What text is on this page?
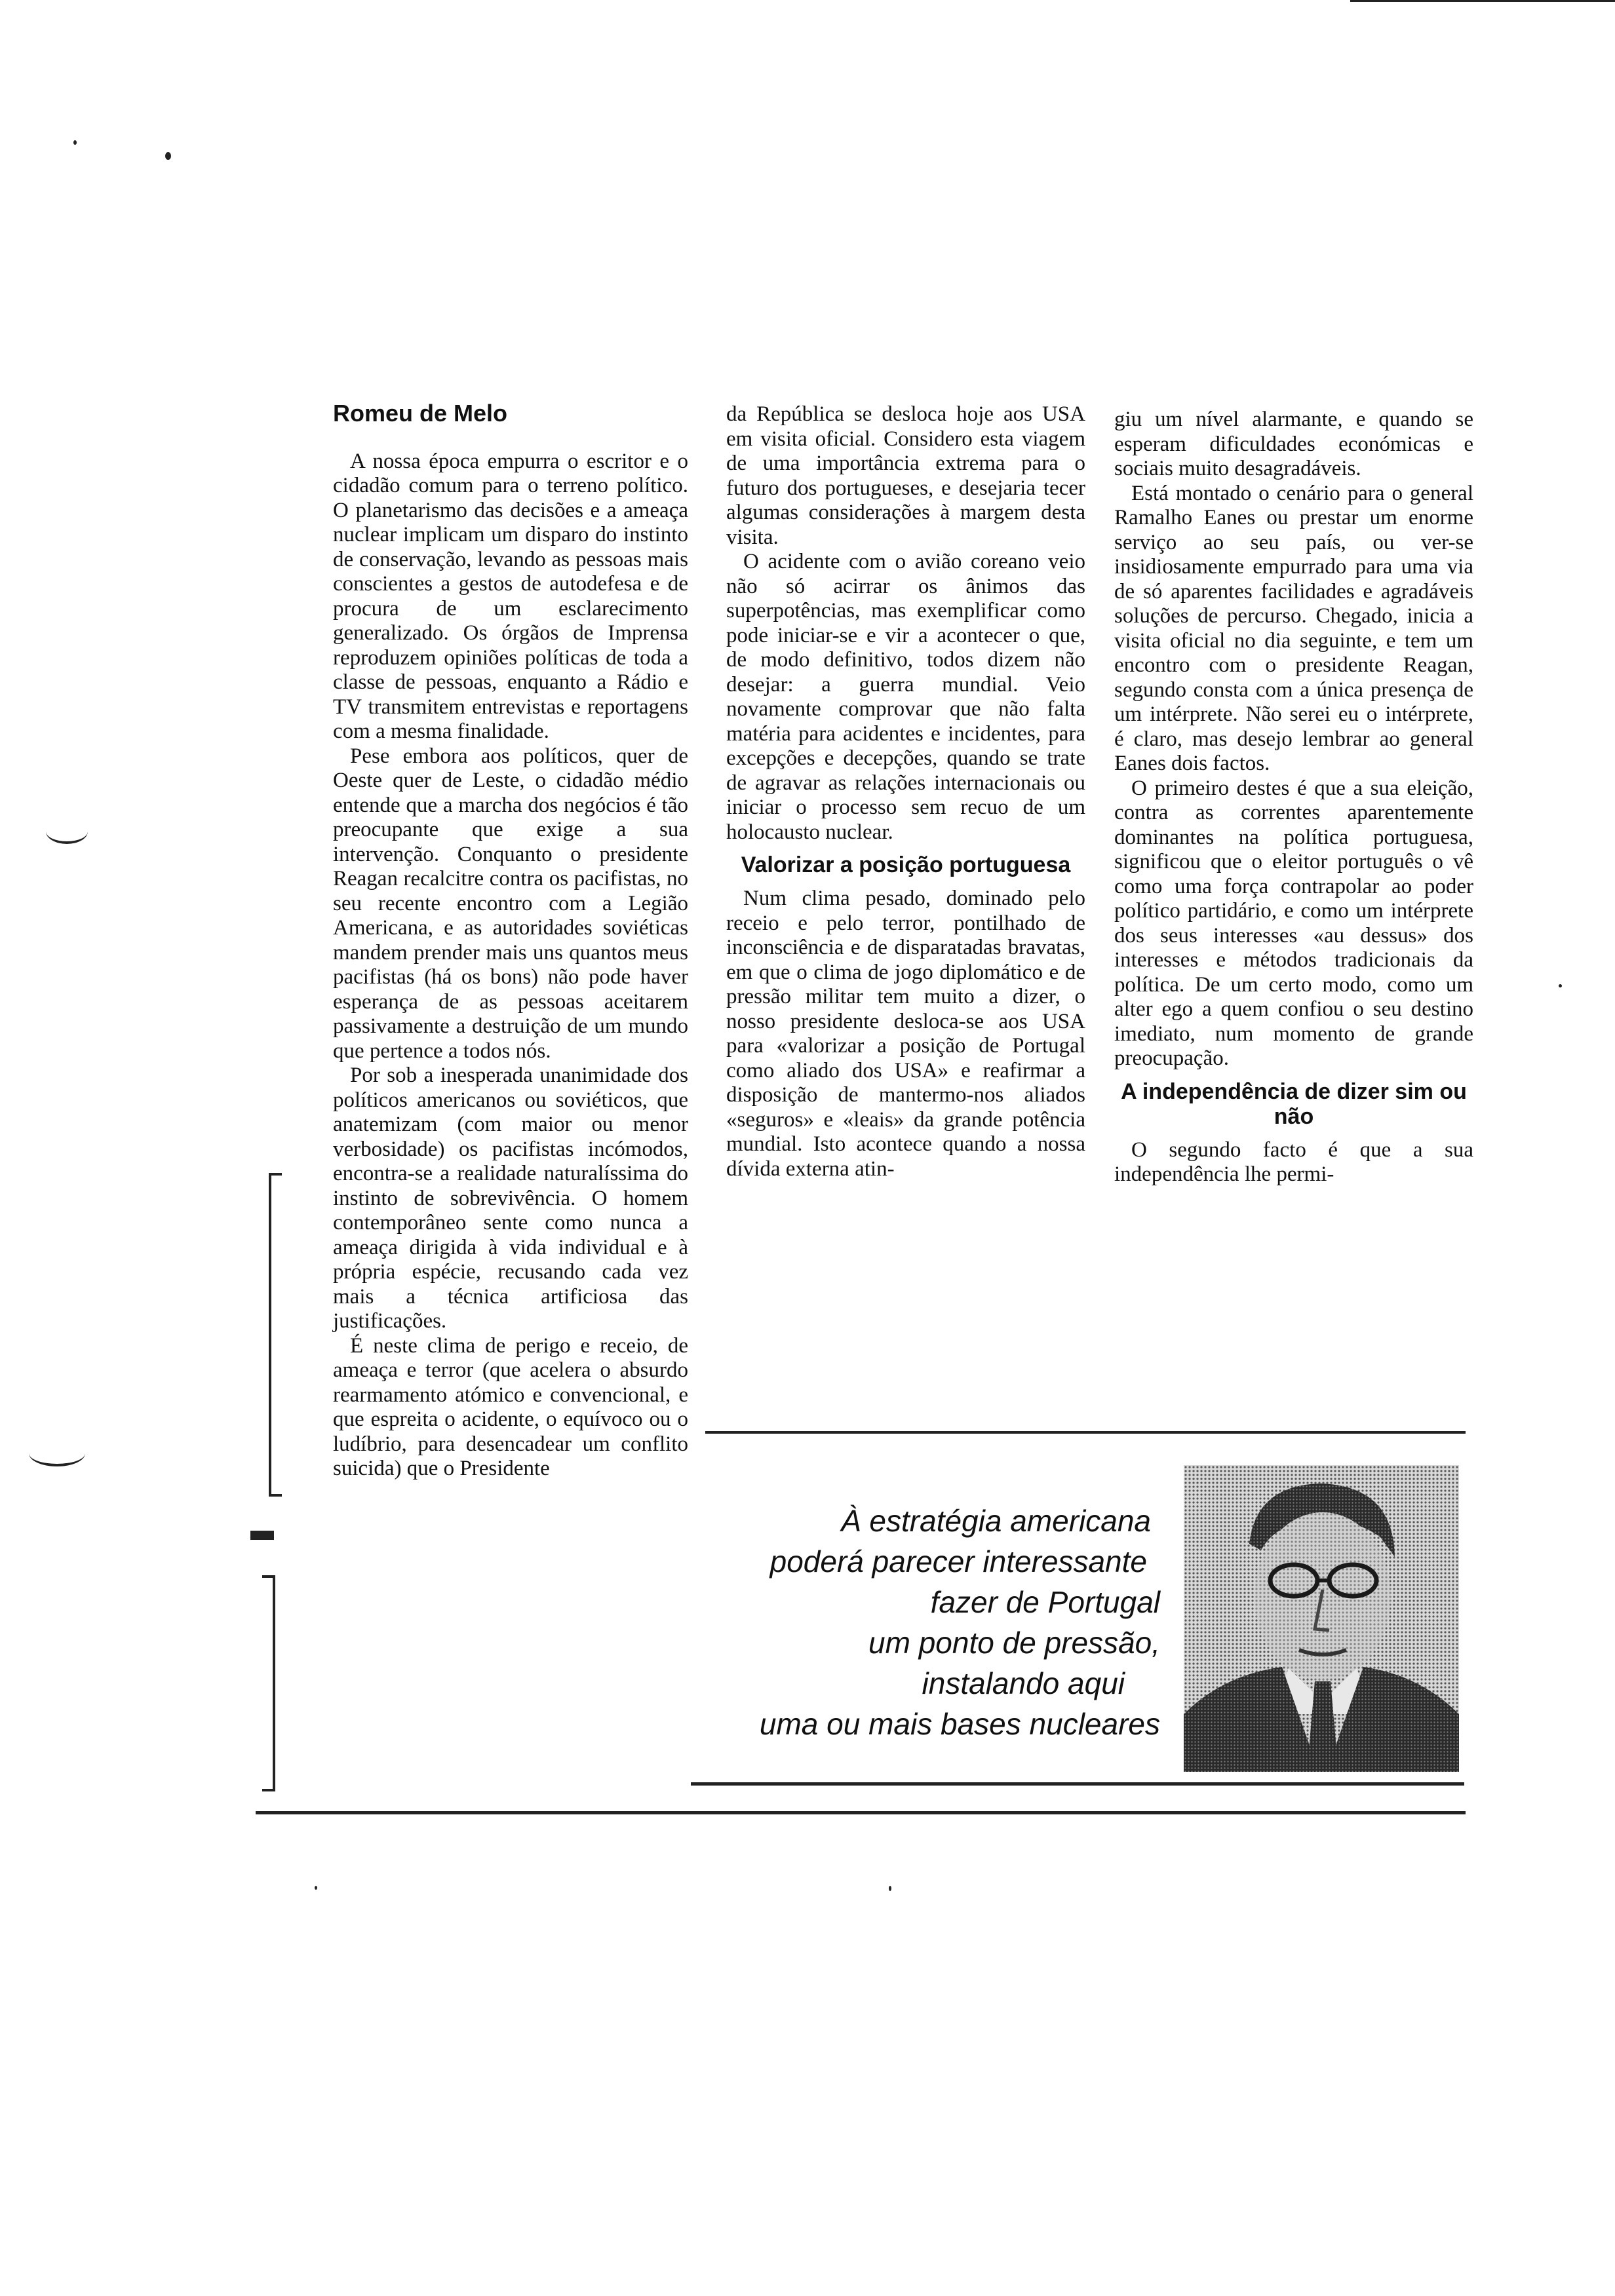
Romeu de Melo

A nossa época empurra o escritor e o cidadão comum para o terreno político. O planetarismo das decisões e a ameaça nuclear implicam um disparo do instinto de conservação, levando as pessoas mais conscientes a gestos de autodefesa e de procura de um esclarecimento generalizado. Os órgãos de Imprensa reproduzem opiniões políticas de toda a classe de pessoas, enquanto a Rádio e TV transmitem entrevistas e reportagens com a mesma finalidade.

Pese embora aos políticos, quer de Oeste quer de Leste, o cidadão médio entende que a marcha dos negócios é tão preocupante que exige a sua intervenção. Conquanto o presidente Reagan recalcitre contra os pacifistas, no seu recente encontro com a Legião Americana, e as autoridades soviéticas mandem prender mais uns quantos meus pacifistas (há os bons) não pode haver esperança de as pessoas aceitarem passivamente a destruição de um mundo que pertence a todos nós.

Por sob a inesperada unanimidade dos políticos americanos ou soviéticos, que anatemizam (com maior ou menor verbosidade) os pacifistas incómodos, encontra-se a realidade naturalíssima do instinto de sobrevivência. O homem contemporâneo sente como nunca a ameaça dirigida à vida individual e à própria espécie, recusando cada vez mais a técnica artificiosa das justificações.

É neste clima de perigo e receio, de ameaça e terror (que acelera o absurdo rearmamento atómico e convencional, e que espreita o acidente, o equívoco ou o ludíbrio, para desencadear um conflito suicida) que o Presidente

da República se desloca hoje aos USA em visita oficial. Considero esta viagem de uma importância extrema para o futuro dos portugueses, e desejaria tecer algumas considerações à margem desta visita.

O acidente com o avião coreano veio não só acirrar os ânimos das superpotências, mas exemplificar como pode iniciar-se e vir a acontecer o que, de modo definitivo, todos dizem não desejar: a guerra mundial. Veio novamente comprovar que não falta matéria para acidentes e incidentes, para excepções e decepções, quando se trate de agravar as relações internacionais ou iniciar o processo sem recuo de um holocausto nuclear.

Valorizar a posição portuguesa

Num clima pesado, dominado pelo receio e pelo terror, pontilhado de inconsciência e de disparatadas bravatas, em que o clima de jogo diplomático e de pressão militar tem muito a dizer, o nosso presidente desloca-se aos USA para «valorizar a posição de Portugal como aliado dos USA» e reafirmar a disposição de mantermo-nos aliados «seguros» e «leais» da grande potência mundial. Isto acontece quando a nossa dívida externa atin-

giu um nível alarmante, e quando se esperam dificuldades económicas e sociais muito desagradáveis.

Está montado o cenário para o general Ramalho Eanes ou prestar um enorme serviço ao seu país, ou ver-se insidiosamente empurrado para uma via de só aparentes facilidades e agradáveis soluções de percurso. Chegado, inicia a visita oficial no dia seguinte, e tem um encontro com o presidente Reagan, segundo consta com a única presença de um intérprete. Não serei eu o intérprete, é claro, mas desejo lembrar ao general Eanes dois factos.

O primeiro destes é que a sua eleição, contra as correntes aparentemente dominantes na política portuguesa, significou que o eleitor português o vê como uma força contrapolar ao poder político partidário, e como um intérprete dos seus interesses «au dessus» dos interesses e métodos tradicionais da política. De um certo modo, como um alter ego a quem confiou o seu destino imediato, num momento de grande preocupação.

A independência de dizer sim ou não

O segundo facto é que a sua independência lhe permi-

À estratégia americana
poderá parecer interessante
fazer de Portugal
um ponto de pressão,
instalando aqui
uma ou mais bases nucleares
